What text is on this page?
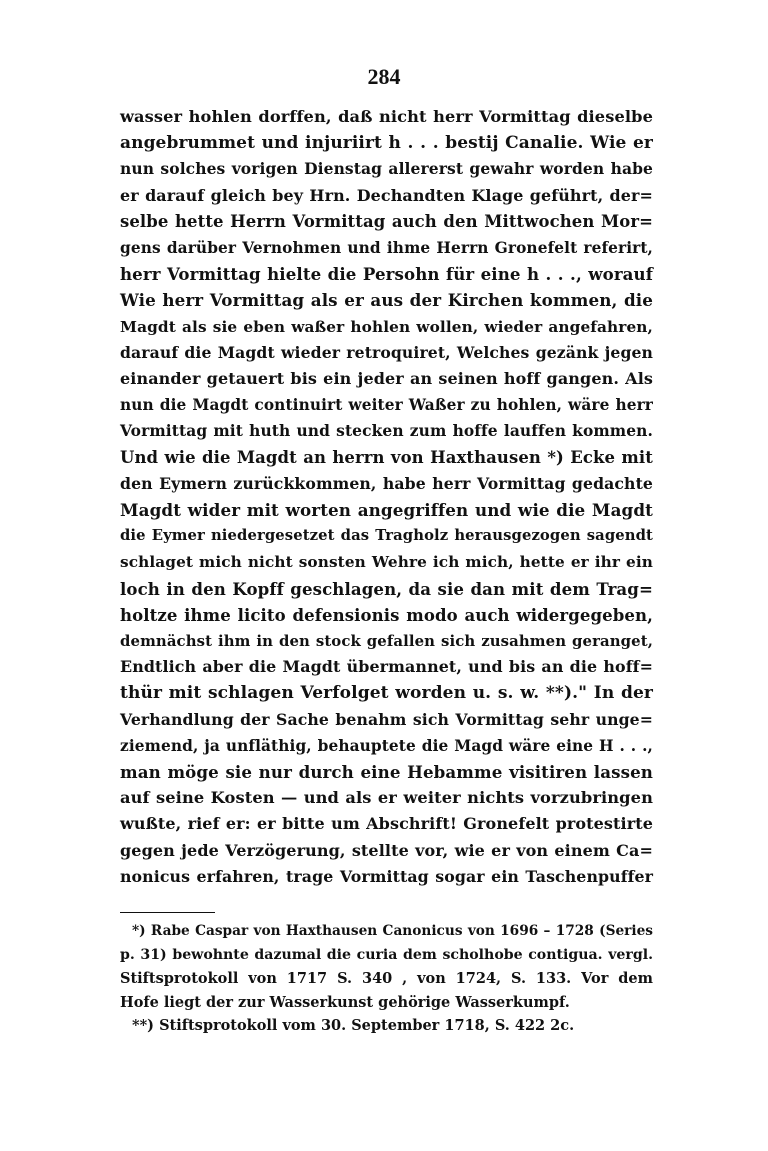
284
wasser hohlen dorffen, daß nicht herr Vormittag dieselbe
angebrummet und injuriirt h . . . bestij Canalie. Wie er
nun solches vorigen Dienstag allererst gewahr worden habe
er darauf gleich bey Hrn. Dechandten Klage geführt, der=
selbe hette Herrn Vormittag auch den Mittwochen Mor=
gens darüber Vernohmen und ihme Herrn Gronefelt referirt,
herr Vormittag hielte die Persohn für eine h . . ., worauf
Wie herr Vormittag als er aus der Kirchen kommen, die
Magdt als sie eben waßer hohlen wollen, wieder angefahren,
darauf die Magdt wieder retroquiret, Welches gezänk jegen
einander getauert bis ein jeder an seinen hoff gangen. Als
nun die Magdt continuirt weiter Waßer zu hohlen, wäre herr
Vormittag mit huth und stecken zum hoffe lauffen kommen.
Und wie die Magdt an herrn von Haxthausen *) Ecke mit
den Eymern zurückkommen, habe herr Vormittag gedachte
Magdt wider mit worten angegriffen und wie die Magdt
die Eymer niedergesetzet das Tragholz herausgezogen sagendt
schlaget mich nicht sonsten Wehre ich mich, hette er ihr ein
loch in den Kopff geschlagen, da sie dan mit dem Trag=
holtze ihme licito defensionis modo auch widergegeben,
demnächst ihm in den stock gefallen sich zusahmen geranget,
Endtlich aber die Magdt übermannet, und bis an die hoff=
thür mit schlagen Verfolget worden u. s. w. **)." In der
Verhandlung der Sache benahm sich Vormittag sehr unge=
ziemend, ja unfläthig, behauptete die Magd wäre eine H . . .,
man möge sie nur durch eine Hebamme visitiren lassen
auf seine Kosten — und als er weiter nichts vorzubringen
wußte, rief er: er bitte um Abschrift! Gronefelt protestirte
gegen jede Verzögerung, stellte vor, wie er von einem Ca=
nonicus erfahren, trage Vormittag sogar ein Taschenpuffer
*) Rabe Caspar von Haxthausen Canonicus von 1696 – 1728 (Series
p. 31) bewohnte dazumal die curia dem scholhobe contigua. vergl.
Stiftsprotokoll von 1717 S. 340 , von 1724, S. 133. Vor dem
Hofe liegt der zur Wasserkunst gehörige Wasserkumpf.
**) Stiftsprotokoll vom 30. September 1718, S. 422 2c.
